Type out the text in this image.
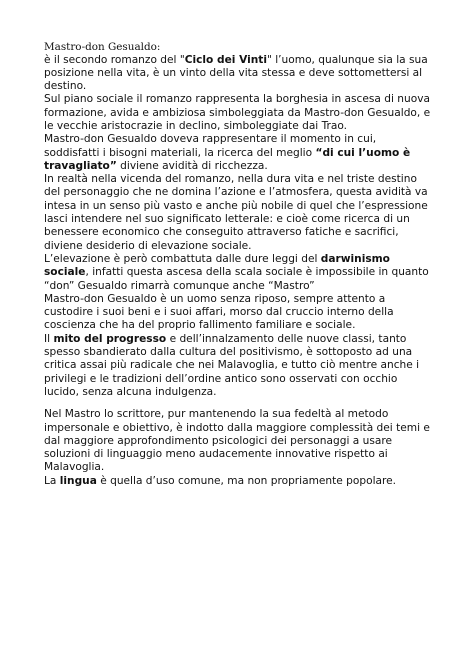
Mastro-don Gesualdo:

è il secondo romanzo del "Ciclo dei Vinti" l’uomo, qualunque sia la sua posizione nella vita, è un vinto della vita stessa e deve sottomettersi al destino.

Sul piano sociale il romanzo rappresenta la borghesia in ascesa di nuova formazione, avida e ambiziosa simboleggiata da Mastro-don Gesualdo, e le vecchie aristocrazie in declino, simboleggiate dai Trao.

Mastro-don Gesualdo doveva rappresentare il momento in cui, soddisfatti i bisogni materiali, la ricerca del meglio “di cui l’uomo è travagliato” diviene avidità di ricchezza.

In realtà nella vicenda del romanzo, nella dura vita e nel triste destino del personaggio che ne domina l’azione e l’atmosfera, questa avidità va intesa in un senso più vasto e anche più nobile di quel che l’espressione lasci intendere nel suo significato letterale: e cioè come ricerca di un benessere economico che conseguito attraverso fatiche e sacrifici, diviene desiderio di elevazione sociale.

L’elevazione è però combattuta dalle dure leggi del darwinismo sociale, infatti questa ascesa della scala sociale è impossibile in quanto “don” Gesualdo rimarrà comunque anche “Mastro”

Mastro-don Gesualdo è un uomo senza riposo, sempre attento a custodire i suoi beni e i suoi affari, morso dal cruccio interno della coscienza che ha del proprio fallimento familiare e sociale.

Il mito del progresso e dell’innalzamento delle nuove classi, tanto spesso sbandierato dalla cultura del positivismo, è sottoposto ad una critica assai più radicale che nei Malavoglia, e tutto ciò mentre anche i privilegi e le tradizioni dell’ordine antico sono osservati con occhio lucido, senza alcuna indulgenza.

Nel Mastro lo scrittore, pur mantenendo la sua fedeltà al metodo impersonale e obiettivo, è indotto dalla maggiore complessità dei temi e dal maggiore approfondimento psicologici dei personaggi a usare soluzioni di linguaggio meno audacemente innovative rispetto ai Malavoglia.

La lingua è quella d’uso comune, ma non propriamente popolare.
